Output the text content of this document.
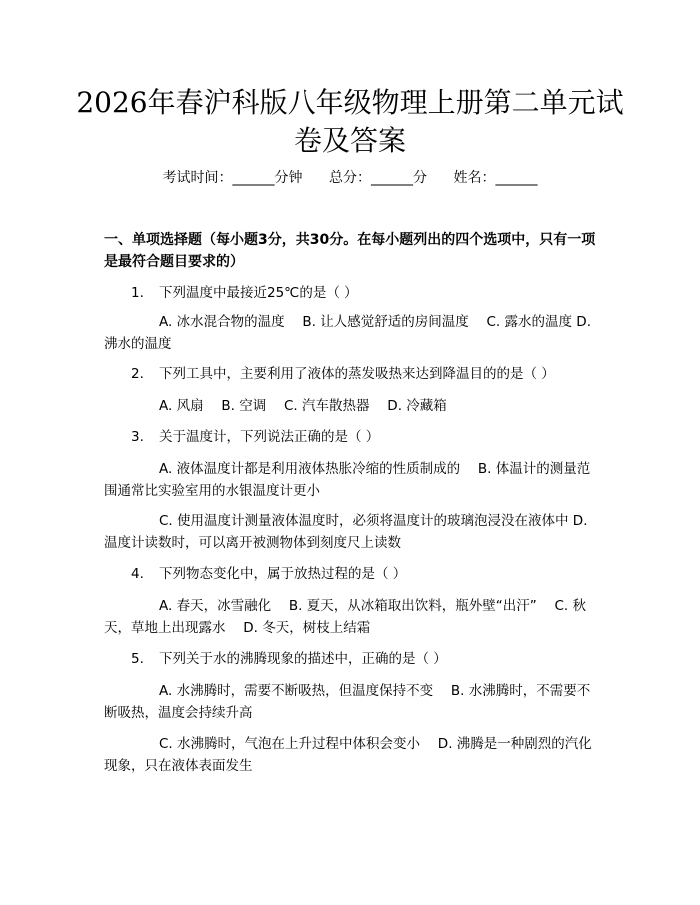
2026年春沪科版八年级物理上册第二单元试卷及答案
考试时间：______分钟 总分：______分 姓名：______
一、单项选择题（每小题3分，共30分。在每小题列出的四个选项中，只有一项是最符合题目要求的）
1. 下列温度中最接近25℃的是（ ）
A. 冰水混合物的温度　 B. 让人感觉舒适的房间温度　 C. 露水的温度 D. 沸水的温度
2. 下列工具中，主要利用了液体的蒸发吸热来达到降温目的的是（ ）
A. 风扇　 B. 空调　 C. 汽车散热器　 D. 冷藏箱
3. 关于温度计，下列说法正确的是（ ）
A. 液体温度计都是利用液体热胀冷缩的性质制成的　 B. 体温计的测量范围通常比实验室用的水银温度计更小
C. 使用温度计测量液体温度时，必须将温度计的玻璃泡浸没在液体中 D. 温度计读数时，可以离开被测物体到刻度尺上读数
4. 下列物态变化中，属于放热过程的是（ ）
A. 春天，冰雪融化　 B. 夏天，从冰箱取出饮料，瓶外壁“出汗”　 C. 秋天，草地上出现露水　 D. 冬天，树枝上结霜
5. 下列关于水的沸腾现象的描述中，正确的是（ ）
A. 水沸腾时，需要不断吸热，但温度保持不变　 B. 水沸腾时，不需要不断吸热，温度会持续升高
C. 水沸腾时，气泡在上升过程中体积会变小　 D. 沸腾是一种剧烈的汽化现象，只在液体表面发生
